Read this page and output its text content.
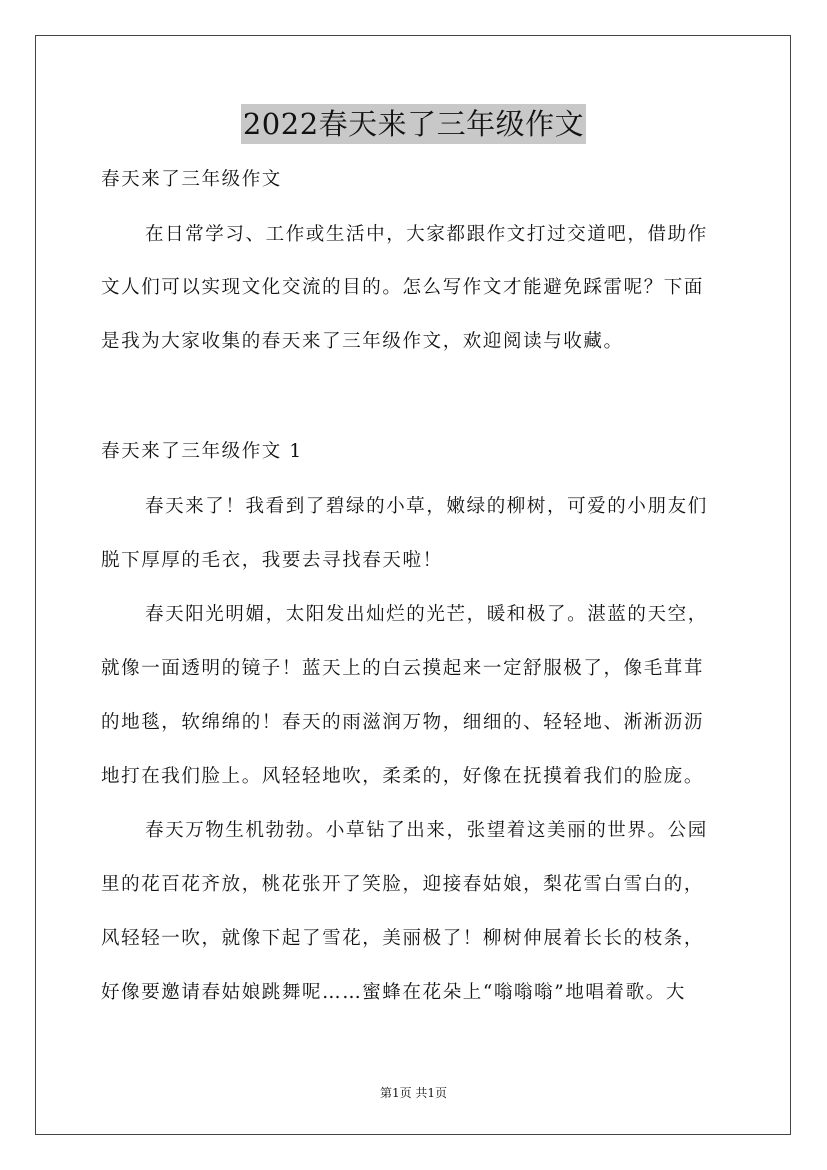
2022春天来了三年级作文
春天来了三年级作文
在日常学习、工作或生活中，大家都跟作文打过交道吧，借助作
文人们可以实现文化交流的目的。怎么写作文才能避免踩雷呢？下面
是我为大家收集的春天来了三年级作文，欢迎阅读与收藏。
春天来了三年级作文 1
春天来了！我看到了碧绿的小草，嫩绿的柳树，可爱的小朋友们
脱下厚厚的毛衣，我要去寻找春天啦！
春天阳光明媚，太阳发出灿烂的光芒，暖和极了。湛蓝的天空，
就像一面透明的镜子！蓝天上的白云摸起来一定舒服极了，像毛茸茸
的地毯，软绵绵的！春天的雨滋润万物，细细的、轻轻地、淅淅沥沥
地打在我们脸上。风轻轻地吹，柔柔的，好像在抚摸着我们的脸庞。
春天万物生机勃勃。小草钻了出来，张望着这美丽的世界。公园
里的花百花齐放，桃花张开了笑脸，迎接春姑娘，梨花雪白雪白的，
风轻轻一吹，就像下起了雪花，美丽极了！柳树伸展着长长的枝条，
好像要邀请春姑娘跳舞呢……蜜蜂在花朵上“嗡嗡嗡”地唱着歌。大
第1页 共1页
